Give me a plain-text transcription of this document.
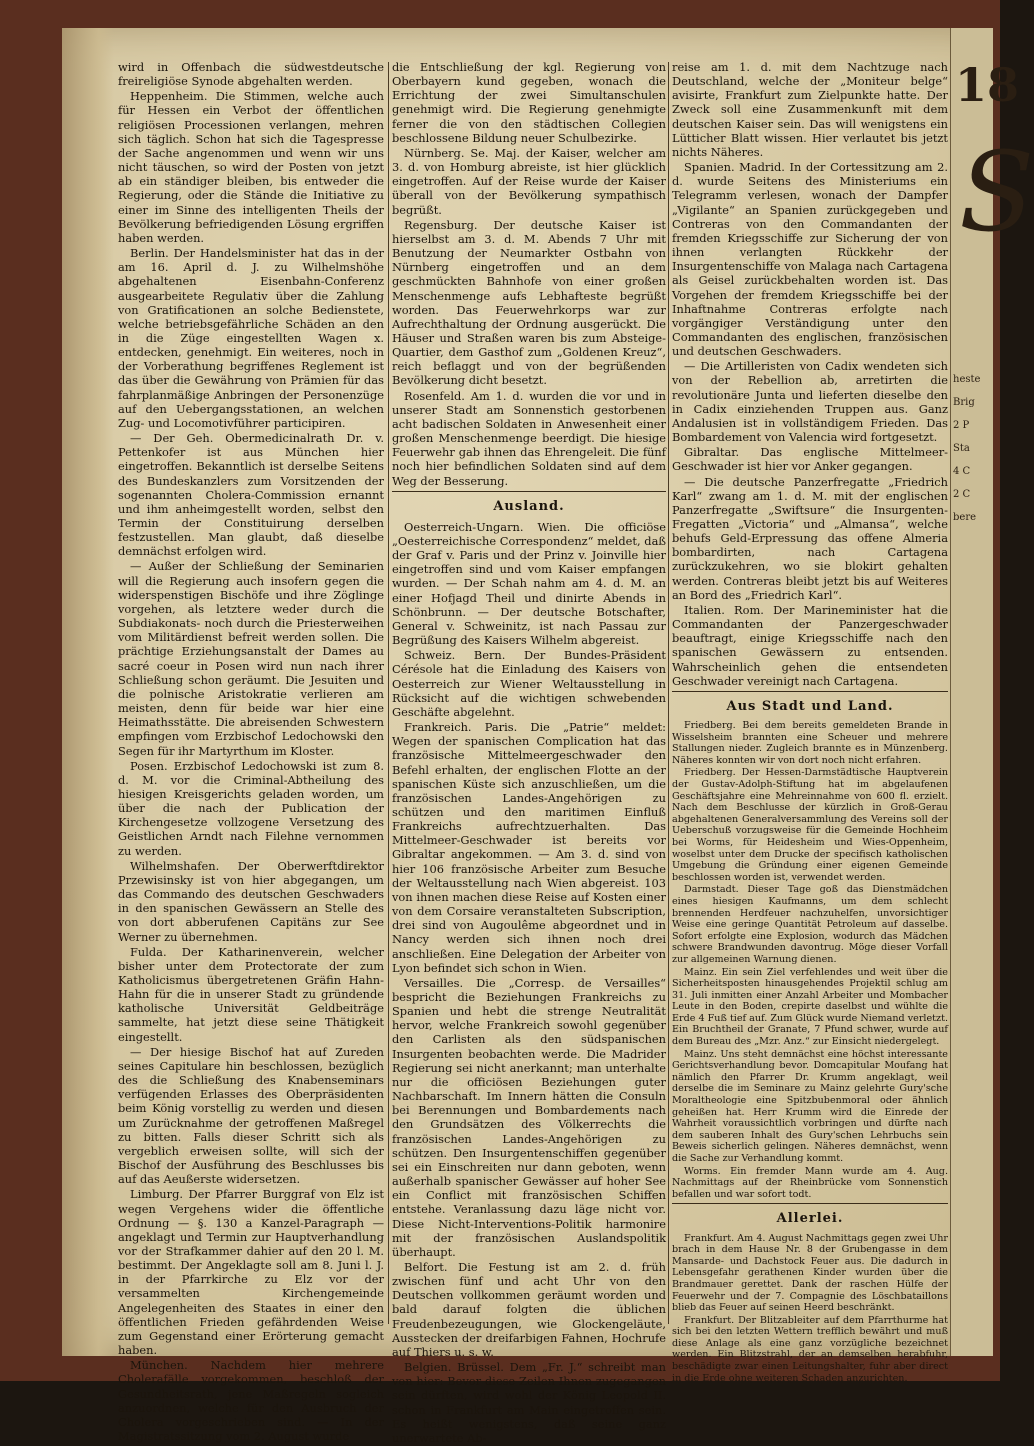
wird in Offenbach die südwestdeutsche freireligiöse Synode abgehalten werden.

Heppenheim. Die Stimmen, welche auch für Hessen ein Verbot der öffentlichen religiösen Processionen verlangen, mehren sich täglich. Schon hat sich die Tagespresse der Sache angenommen und wenn wir uns nicht täuschen, so wird der Posten von jetzt ab ein ständiger bleiben, bis entweder die Regierung, oder die Stände die Initiative zu einer im Sinne des intelligenten Theils der Bevölkerung befriedigenden Lösung ergriffen haben werden.

Berlin. Der Handelsminister hat das in der am 16. April d. J. zu Wilhelmshöhe abgehaltenen Eisenbahn-Conferenz ausgearbeitete Regulativ über die Zahlung von Gratificationen an solche Bedienstete, welche betriebsgefährliche Schäden an den in die Züge eingestellten Wagen x. entdecken, genehmigt. Ein weiteres, noch in der Vorberathung begriffenes Reglement ist das über die Gewährung von Prämien für das fahrplanmäßige Anbringen der Personenzüge auf den Uebergangsstationen, an welchen Zug- und Locomotivführer participiren.

— Der Geh. Obermedicinalrath Dr. v. Pettenkofer ist aus München hier eingetroffen. Bekanntlich ist derselbe Seitens des Bundeskanzlers zum Vorsitzenden der sogenannten Cholera-Commission ernannt und ihm anheimgestellt worden, selbst den Termin der Constituirung derselben festzustellen. Man glaubt, daß dieselbe demnächst erfolgen wird.

— Außer der Schließung der Seminarien will die Regierung auch insofern gegen die widerspenstigen Bischöfe und ihre Zöglinge vorgehen, als letztere weder durch die Subdiakonats- noch durch die Priesterweihen vom Militärdienst befreit werden sollen. Die prächtige Erziehungsanstalt der Dames au sacré coeur in Posen wird nun nach ihrer Schließung schon geräumt. Die Jesuiten und die polnische Aristokratie verlieren am meisten, denn für beide war hier eine Heimathsstätte. Die abreisenden Schwestern empfingen vom Erzbischof Ledochowski den Segen für ihr Martyrthum im Kloster.

Posen. Erzbischof Ledochowski ist zum 8. d. M. vor die Criminal-Abtheilung des hiesigen Kreisgerichts geladen worden, um über die nach der Publication der Kirchengesetze vollzogene Versetzung des Geistlichen Arndt nach Filehne vernommen zu werden.

Wilhelmshafen. Der Oberwerftdirektor Przewisinsky ist von hier abgegangen, um das Commando des deutschen Geschwaders in den spanischen Gewässern an Stelle des von dort abberufenen Capitäns zur See Werner zu übernehmen.

Fulda. Der Katharinenverein, welcher bisher unter dem Protectorate der zum Katholicismus übergetretenen Gräfin Hahn-Hahn für die in unserer Stadt zu gründende katholische Universität Geldbeiträge sammelte, hat jetzt diese seine Thätigkeit eingestellt.

— Der hiesige Bischof hat auf Zureden seines Capitulare hin beschlossen, bezüglich des die Schließung des Knabenseminars verfügenden Erlasses des Oberpräsidenten beim König vorstellig zu werden und diesen um Zurücknahme der getroffenen Maßregel zu bitten. Falls dieser Schritt sich als vergeblich erweisen sollte, will sich der Bischof der Ausführung des Beschlusses bis auf das Aeußerste widersetzen.

Limburg. Der Pfarrer Burggraf von Elz ist wegen Vergehens wider die öffentliche Ordnung — §. 130 a Kanzel-Paragraph — angeklagt und Termin zur Hauptverhandlung vor der Strafkammer dahier auf den 20 l. M. bestimmt. Der Angeklagte soll am 8. Juni l. J. in der Pfarrkirche zu Elz vor der versammelten Kirchengemeinde Angelegenheiten des Staates in einer den öffentlichen Frieden gefährdenden Weise zum Gegenstand einer Erörterung gemacht haben.

München. Nachdem hier mehrere Cholerafälle vorgekommen, beschloß der Gesundheitsrath, jene Maßregeln sogleich anzuordnen, welche für den Ausbruch der Cholera vorgeschrieben sind. — In der Magistratssitzung vom 2. August wurde

die Entschließung der kgl. Regierung von Oberbayern kund gegeben, wonach die Errichtung der zwei Simultanschulen genehmigt wird. Die Regierung genehmigte ferner die von den städtischen Collegien beschlossene Bildung neuer Schulbezirke.

Nürnberg. Se. Maj. der Kaiser, welcher am 3. d. von Homburg abreiste, ist hier glücklich eingetroffen. Auf der Reise wurde der Kaiser überall von der Bevölkerung sympathisch begrüßt.

Regensburg. Der deutsche Kaiser ist hierselbst am 3. d. M. Abends 7 Uhr mit Benutzung der Neumarkter Ostbahn von Nürnberg eingetroffen und an dem geschmückten Bahnhofe von einer großen Menschenmenge aufs Lebhafteste begrüßt worden. Das Feuerwehrkorps war zur Aufrechthaltung der Ordnung ausgerückt. Die Häuser und Straßen waren bis zum Absteige-Quartier, dem Gasthof zum „Goldenen Kreuz“, reich beflaggt und von der begrüßenden Bevölkerung dicht besetzt.

Rosenfeld. Am 1. d. wurden die vor und in unserer Stadt am Sonnenstich gestorbenen acht badischen Soldaten in Anwesenheit einer großen Menschenmenge beerdigt. Die hiesige Feuerwehr gab ihnen das Ehrengeleit. Die fünf noch hier befindlichen Soldaten sind auf dem Weg der Besserung.

Ausland.

Oesterreich-Ungarn. Wien. Die officiöse „Oesterreichische Correspondenz“ meldet, daß der Graf v. Paris und der Prinz v. Joinville hier eingetroffen sind und vom Kaiser empfangen wurden. — Der Schah nahm am 4. d. M. an einer Hofjagd Theil und dinirte Abends in Schönbrunn. — Der deutsche Botschafter, General v. Schweinitz, ist nach Passau zur Begrüßung des Kaisers Wilhelm abgereist.

Schweiz. Bern. Der Bundes-Präsident Cérésole hat die Einladung des Kaisers von Oesterreich zur Wiener Weltausstellung in Rücksicht auf die wichtigen schwebenden Geschäfte abgelehnt.

Frankreich. Paris. Die „Patrie“ meldet: Wegen der spanischen Complication hat das französische Mittelmeergeschwader den Befehl erhalten, der englischen Flotte an der spanischen Küste sich anzuschließen, um die französischen Landes-Angehörigen zu schützen und den maritimen Einfluß Frankreichs aufrechtzuerhalten. Das Mittelmeer-Geschwader ist bereits vor Gibraltar angekommen. — Am 3. d. sind von hier 106 französische Arbeiter zum Besuche der Weltausstellung nach Wien abgereist. 103 von ihnen machen diese Reise auf Kosten einer von dem Corsaire veranstalteten Subscription, drei sind von Augoulême abgeordnet und in Nancy werden sich ihnen noch drei anschließen. Eine Delegation der Arbeiter von Lyon befindet sich schon in Wien.

Versailles. Die „Corresp. de Versailles“ bespricht die Beziehungen Frankreichs zu Spanien und hebt die strenge Neutralität hervor, welche Frankreich sowohl gegenüber den Carlisten als den südspanischen Insurgenten beobachten werde. Die Madrider Regierung sei nicht anerkannt; man unterhalte nur die officiösen Beziehungen guter Nachbarschaft. Im Innern hätten die Consuln bei Berennungen und Bombardements nach den Grundsätzen des Völkerrechts die französischen Landes-Angehörigen zu schützen. Den Insurgentenschiffen gegenüber sei ein Einschreiten nur dann geboten, wenn außerhalb spanischer Gewässer auf hoher See ein Conflict mit französischen Schiffen entstehe. Veranlassung dazu läge nicht vor. Diese Nicht-Interventions-Politik harmonire mit der französischen Auslandspolitik überhaupt.

Belfort. Die Festung ist am 2. d. früh zwischen fünf und acht Uhr von den Deutschen vollkommen geräumt worden und bald darauf folgten die üblichen Freudenbezeugungen, wie Glockengeläute, Ausstecken der dreifarbigen Fahnen, Hochrufe auf Thiers u. s. w.

Belgien. Brüssel. Dem „Fr. J.“ schreibt man von hier: Bevor diese Zeilen Ihnen zugegangen sein dürften, wird wohl der König Leopold II. schon in Frankfurt am Main eingetroffen sein. Es heißt wenigstens, daß seine ganz unerwartete Ab-

reise am 1. d. mit dem Nachtzuge nach Deutschland, welche der „Moniteur belge“ avisirte, Frankfurt zum Zielpunkte hatte. Der Zweck soll eine Zusammenkunft mit dem deutschen Kaiser sein. Das will wenigstens ein Lütticher Blatt wissen. Hier verlautet bis jetzt nichts Näheres.

Spanien. Madrid. In der Cortessitzung am 2. d. wurde Seitens des Ministeriums ein Telegramm verlesen, wonach der Dampfer „Vigilante“ an Spanien zurückgegeben und Contreras von den Commandanten der fremden Kriegsschiffe zur Sicherung der von ihnen verlangten Rückkehr der Insurgentenschiffe von Malaga nach Cartagena als Geisel zurückbehalten worden ist. Das Vorgehen der fremdem Kriegsschiffe bei der Inhaftnahme Contreras erfolgte nach vorgängiger Verständigung unter den Commandanten des englischen, französischen und deutschen Geschwaders.

— Die Artilleristen von Cadix wendeten sich von der Rebellion ab, arretirten die revolutionäre Junta und lieferten dieselbe den in Cadix einziehenden Truppen aus. Ganz Andalusien ist in vollständigem Frieden. Das Bombardement von Valencia wird fortgesetzt.

Gibraltar. Das englische Mittelmeer-Geschwader ist hier vor Anker gegangen.

— Die deutsche Panzerfregatte „Friedrich Karl“ zwang am 1. d. M. mit der englischen Panzerfregatte „Swiftsure“ die Insurgenten-Fregatten „Victoria“ und „Almansa“, welche behufs Geld-Erpressung das offene Almeria bombardirten, nach Cartagena zurückzukehren, wo sie blokirt gehalten werden. Contreras bleibt jetzt bis auf Weiteres an Bord des „Friedrich Karl“.

Italien. Rom. Der Marineminister hat die Commandanten der Panzergeschwader beauftragt, einige Kriegsschiffe nach den spanischen Gewässern zu entsenden. Wahrscheinlich gehen die entsendeten Geschwader vereinigt nach Cartagena.

Aus Stadt und Land.

Friedberg. Bei dem bereits gemeldeten Brande in Wisselsheim brannten eine Scheuer und mehrere Stallungen nieder. Zugleich brannte es in Münzenberg. Näheres konnten wir von dort noch nicht erfahren.

Friedberg. Der Hessen-Darmstädtische Hauptverein der Gustav-Adolph-Stiftung hat im abgelaufenen Geschäftsjahre eine Mehreinnahme von 600 fl. erzielt. Nach dem Beschlusse der kürzlich in Groß-Gerau abgehaltenen Generalversammlung des Vereins soll der Ueberschuß vorzugsweise für die Gemeinde Hochheim bei Worms, für Heidesheim und Wies-Oppenheim, woselbst unter dem Drucke der specifisch katholischen Umgebung die Gründung einer eigenen Gemeinde beschlossen worden ist, verwendet werden.

Darmstadt. Dieser Tage goß das Dienstmädchen eines hiesigen Kaufmanns, um dem schlecht brennenden Herdfeuer nachzuhelfen, unvorsichtiger Weise eine geringe Quantität Petroleum auf dasselbe. Sofort erfolgte eine Explosion, wodurch das Mädchen schwere Brandwunden davontrug. Möge dieser Vorfall zur allgemeinen Warnung dienen.

Mainz. Ein sein Ziel verfehlendes und weit über die Sicherheitsposten hinausgehendes Projektil schlug am 31. Juli inmitten einer Anzahl Arbeiter und Mombacher Leute in den Boden, crepirte daselbst und wühlte die Erde 4 Fuß tief auf. Zum Glück wurde Niemand verletzt. Ein Bruchtheil der Granate, 7 Pfund schwer, wurde auf dem Bureau des „Mzr. Anz.“ zur Einsicht niedergelegt.

Mainz. Uns steht demnächst eine höchst interessante Gerichtsverhandlung bevor. Domcapitular Moufang hat nämlich den Pfarrer Dr. Krumm angeklagt, weil derselbe die im Seminare zu Mainz gelehrte Gury'sche Moraltheologie eine Spitzbubenmoral oder ähnlich geheißen hat. Herr Krumm wird die Einrede der Wahrheit voraussichtlich vorbringen und dürfte nach dem sauberen Inhalt des Gury'schen Lehrbuchs sein Beweis sicherlich gelingen. Näheres demnächst, wenn die Sache zur Verhandlung kommt.

Worms. Ein fremder Mann wurde am 4. Aug. Nachmittags auf der Rheinbrücke vom Sonnenstich befallen und war sofort todt.

Allerlei.

Frankfurt. Am 4. August Nachmittags gegen zwei Uhr brach in dem Hause Nr. 8 der Grubengasse in dem Mansarde- und Dachstock Feuer aus. Die dadurch in Lebensgefahr gerathenen Kinder wurden über die Brandmauer gerettet. Dank der raschen Hülfe der Feuerwehr und der 7. Compagnie des Löschbataillons blieb das Feuer auf seinen Heerd beschränkt.

Frankfurt. Der Blitzableiter auf dem Pfarrthurme hat sich bei den letzten Wettern trefflich bewährt und muß diese Anlage als eine ganz vorzügliche bezeichnet werden. Ein Blitzstrahl, der an demselben herabfuhr, beschädigte zwar einen Leitungshalter, fuhr aber direct in die Erde ohne weiteren Schaden anzurichten.

18
S
heste
Brig
2 P
Sta
4 C
2 C
bere
